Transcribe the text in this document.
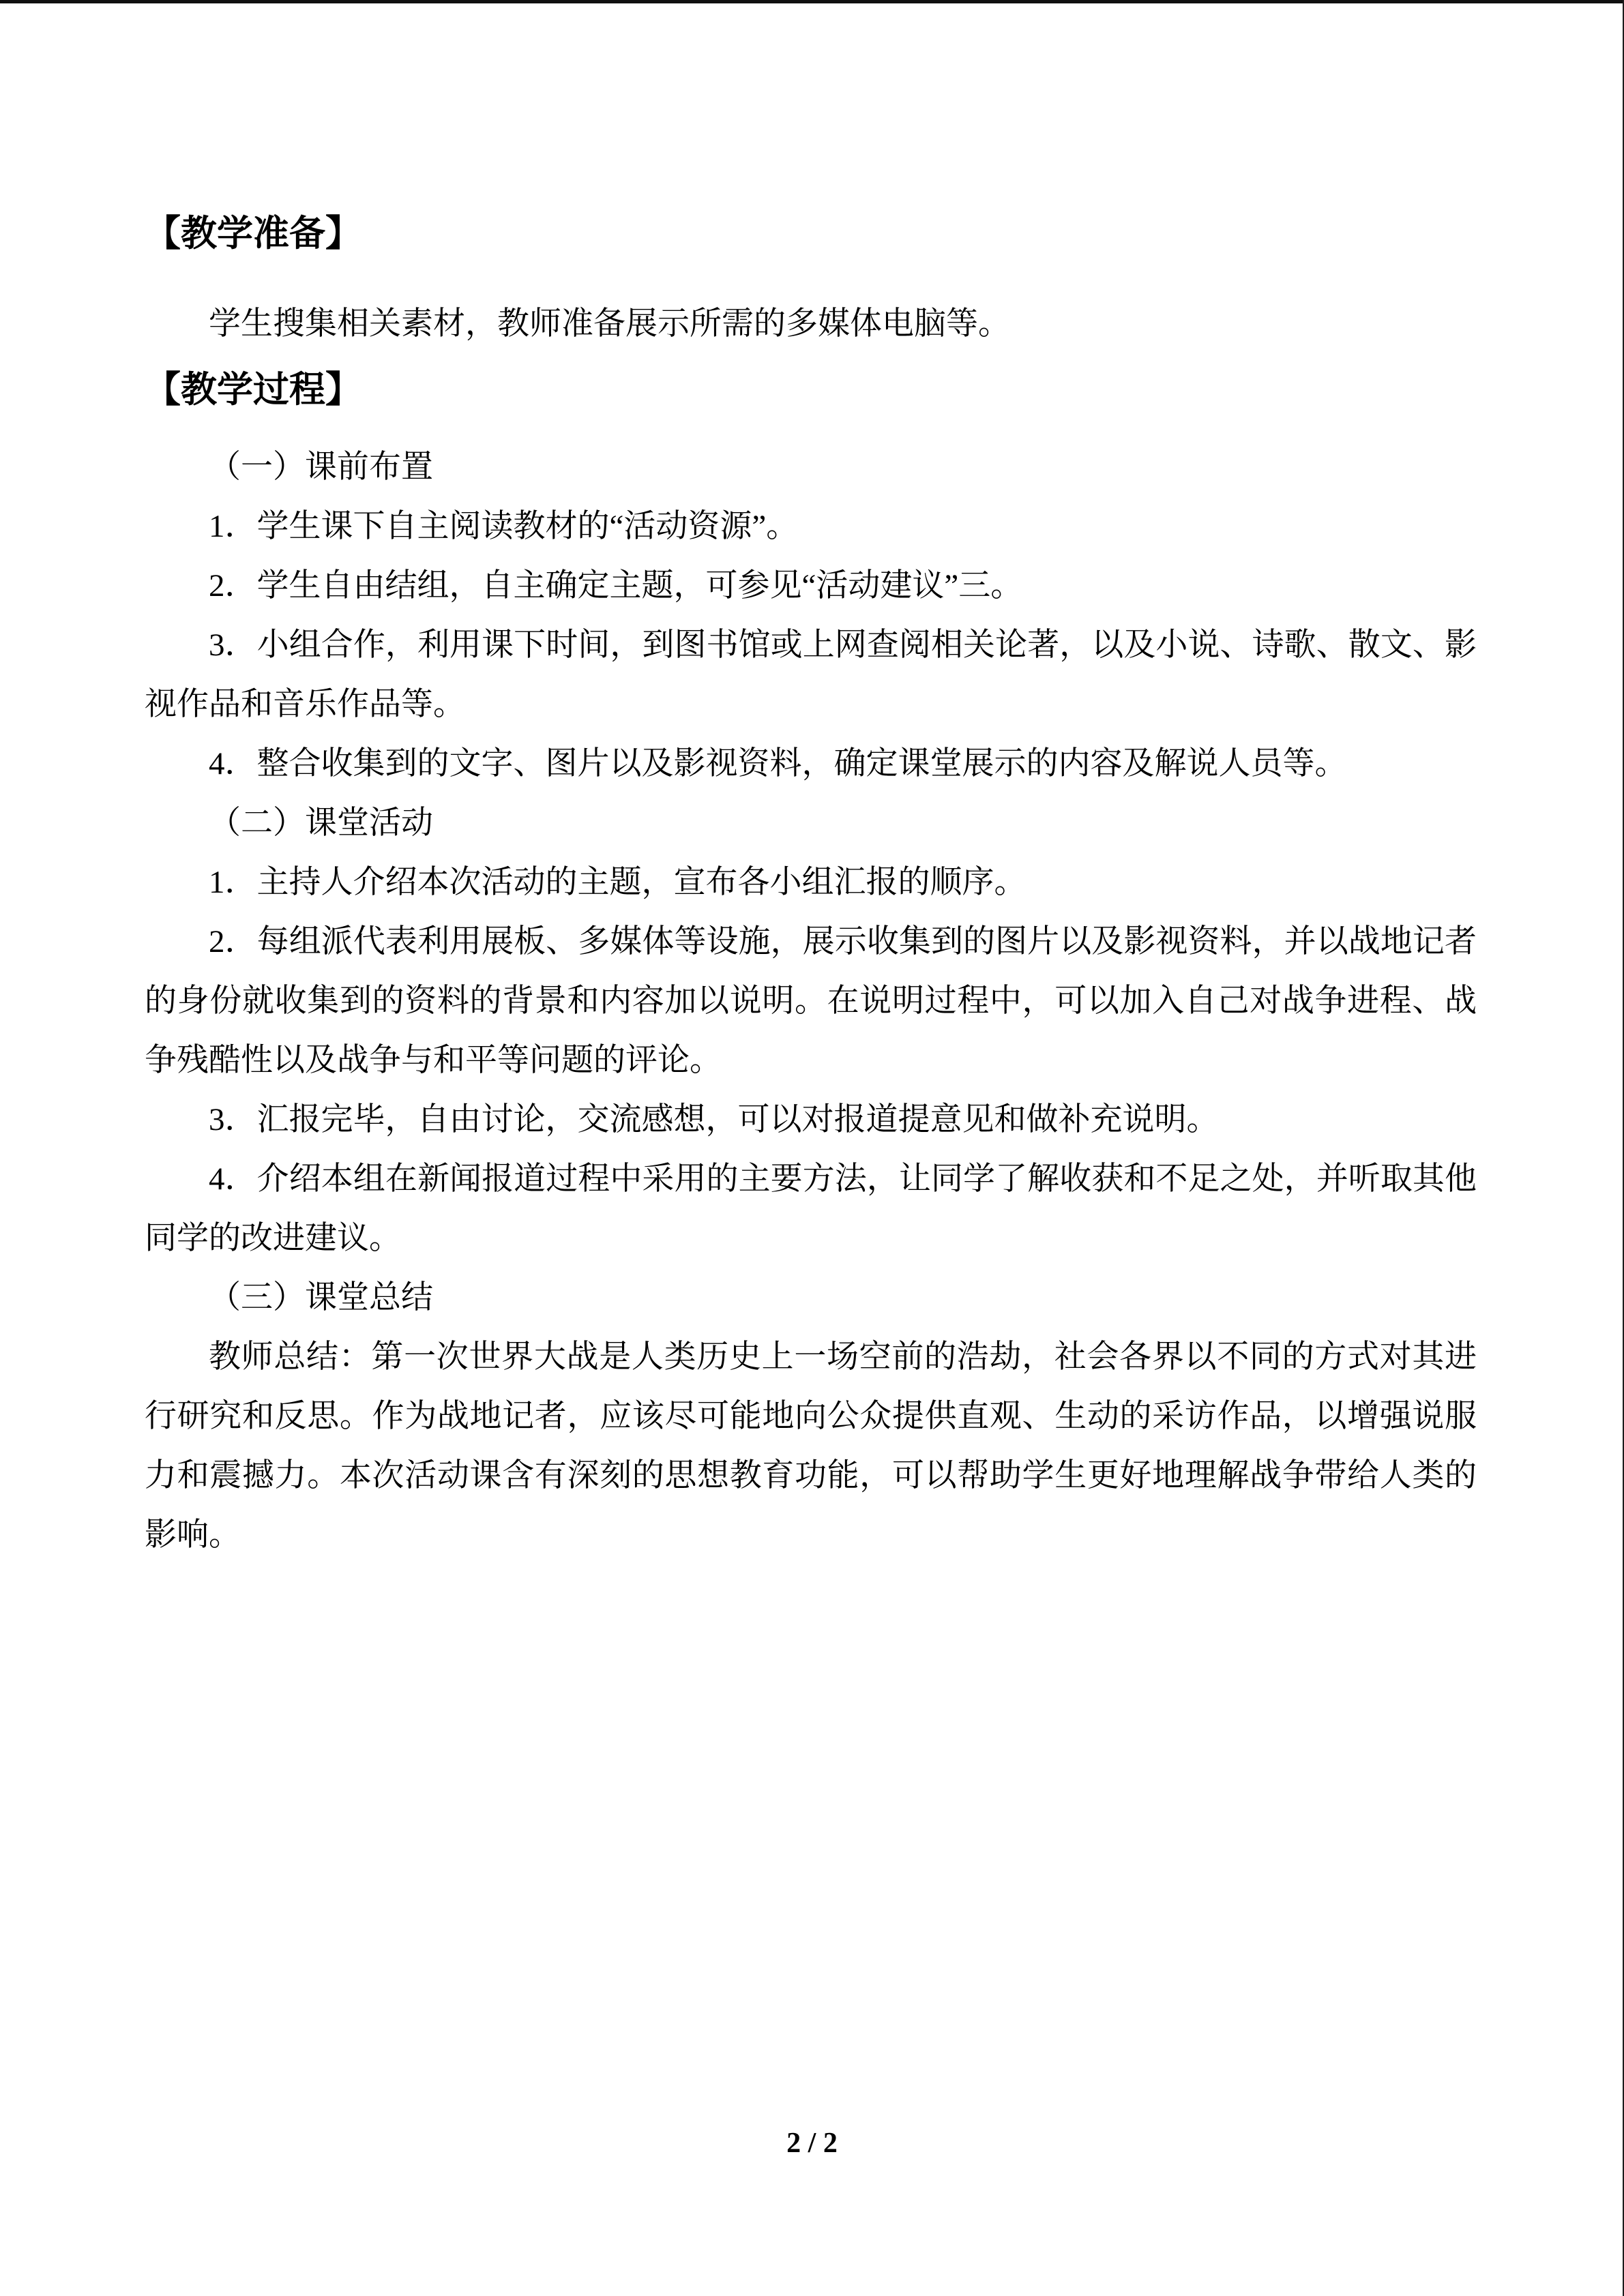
【教学准备】

学生搜集相关素材，教师准备展示所需的多媒体电脑等。

【教学过程】

（一）课前布置

1．学生课下自主阅读教材的“活动资源”。

2．学生自由结组，自主确定主题，可参见“活动建议”三。

3．小组合作，利用课下时间，到图书馆或上网查阅相关论著，以及小说、诗歌、散文、影视作品和音乐作品等。

4．整合收集到的文字、图片以及影视资料，确定课堂展示的内容及解说人员等。

（二）课堂活动

1．主持人介绍本次活动的主题，宣布各小组汇报的顺序。

2．每组派代表利用展板、多媒体等设施，展示收集到的图片以及影视资料，并以战地记者的身份就收集到的资料的背景和内容加以说明。在说明过程中，可以加入自己对战争进程、战争残酷性以及战争与和平等问题的评论。

3．汇报完毕，自由讨论，交流感想，可以对报道提意见和做补充说明。

4．介绍本组在新闻报道过程中采用的主要方法，让同学了解收获和不足之处，并听取其他同学的改进建议。

（三）课堂总结

教师总结：第一次世界大战是人类历史上一场空前的浩劫，社会各界以不同的方式对其进行研究和反思。作为战地记者，应该尽可能地向公众提供直观、生动的采访作品，以增强说服力和震撼力。本次活动课含有深刻的思想教育功能，可以帮助学生更好地理解战争带给人类的影响。

2 / 2
